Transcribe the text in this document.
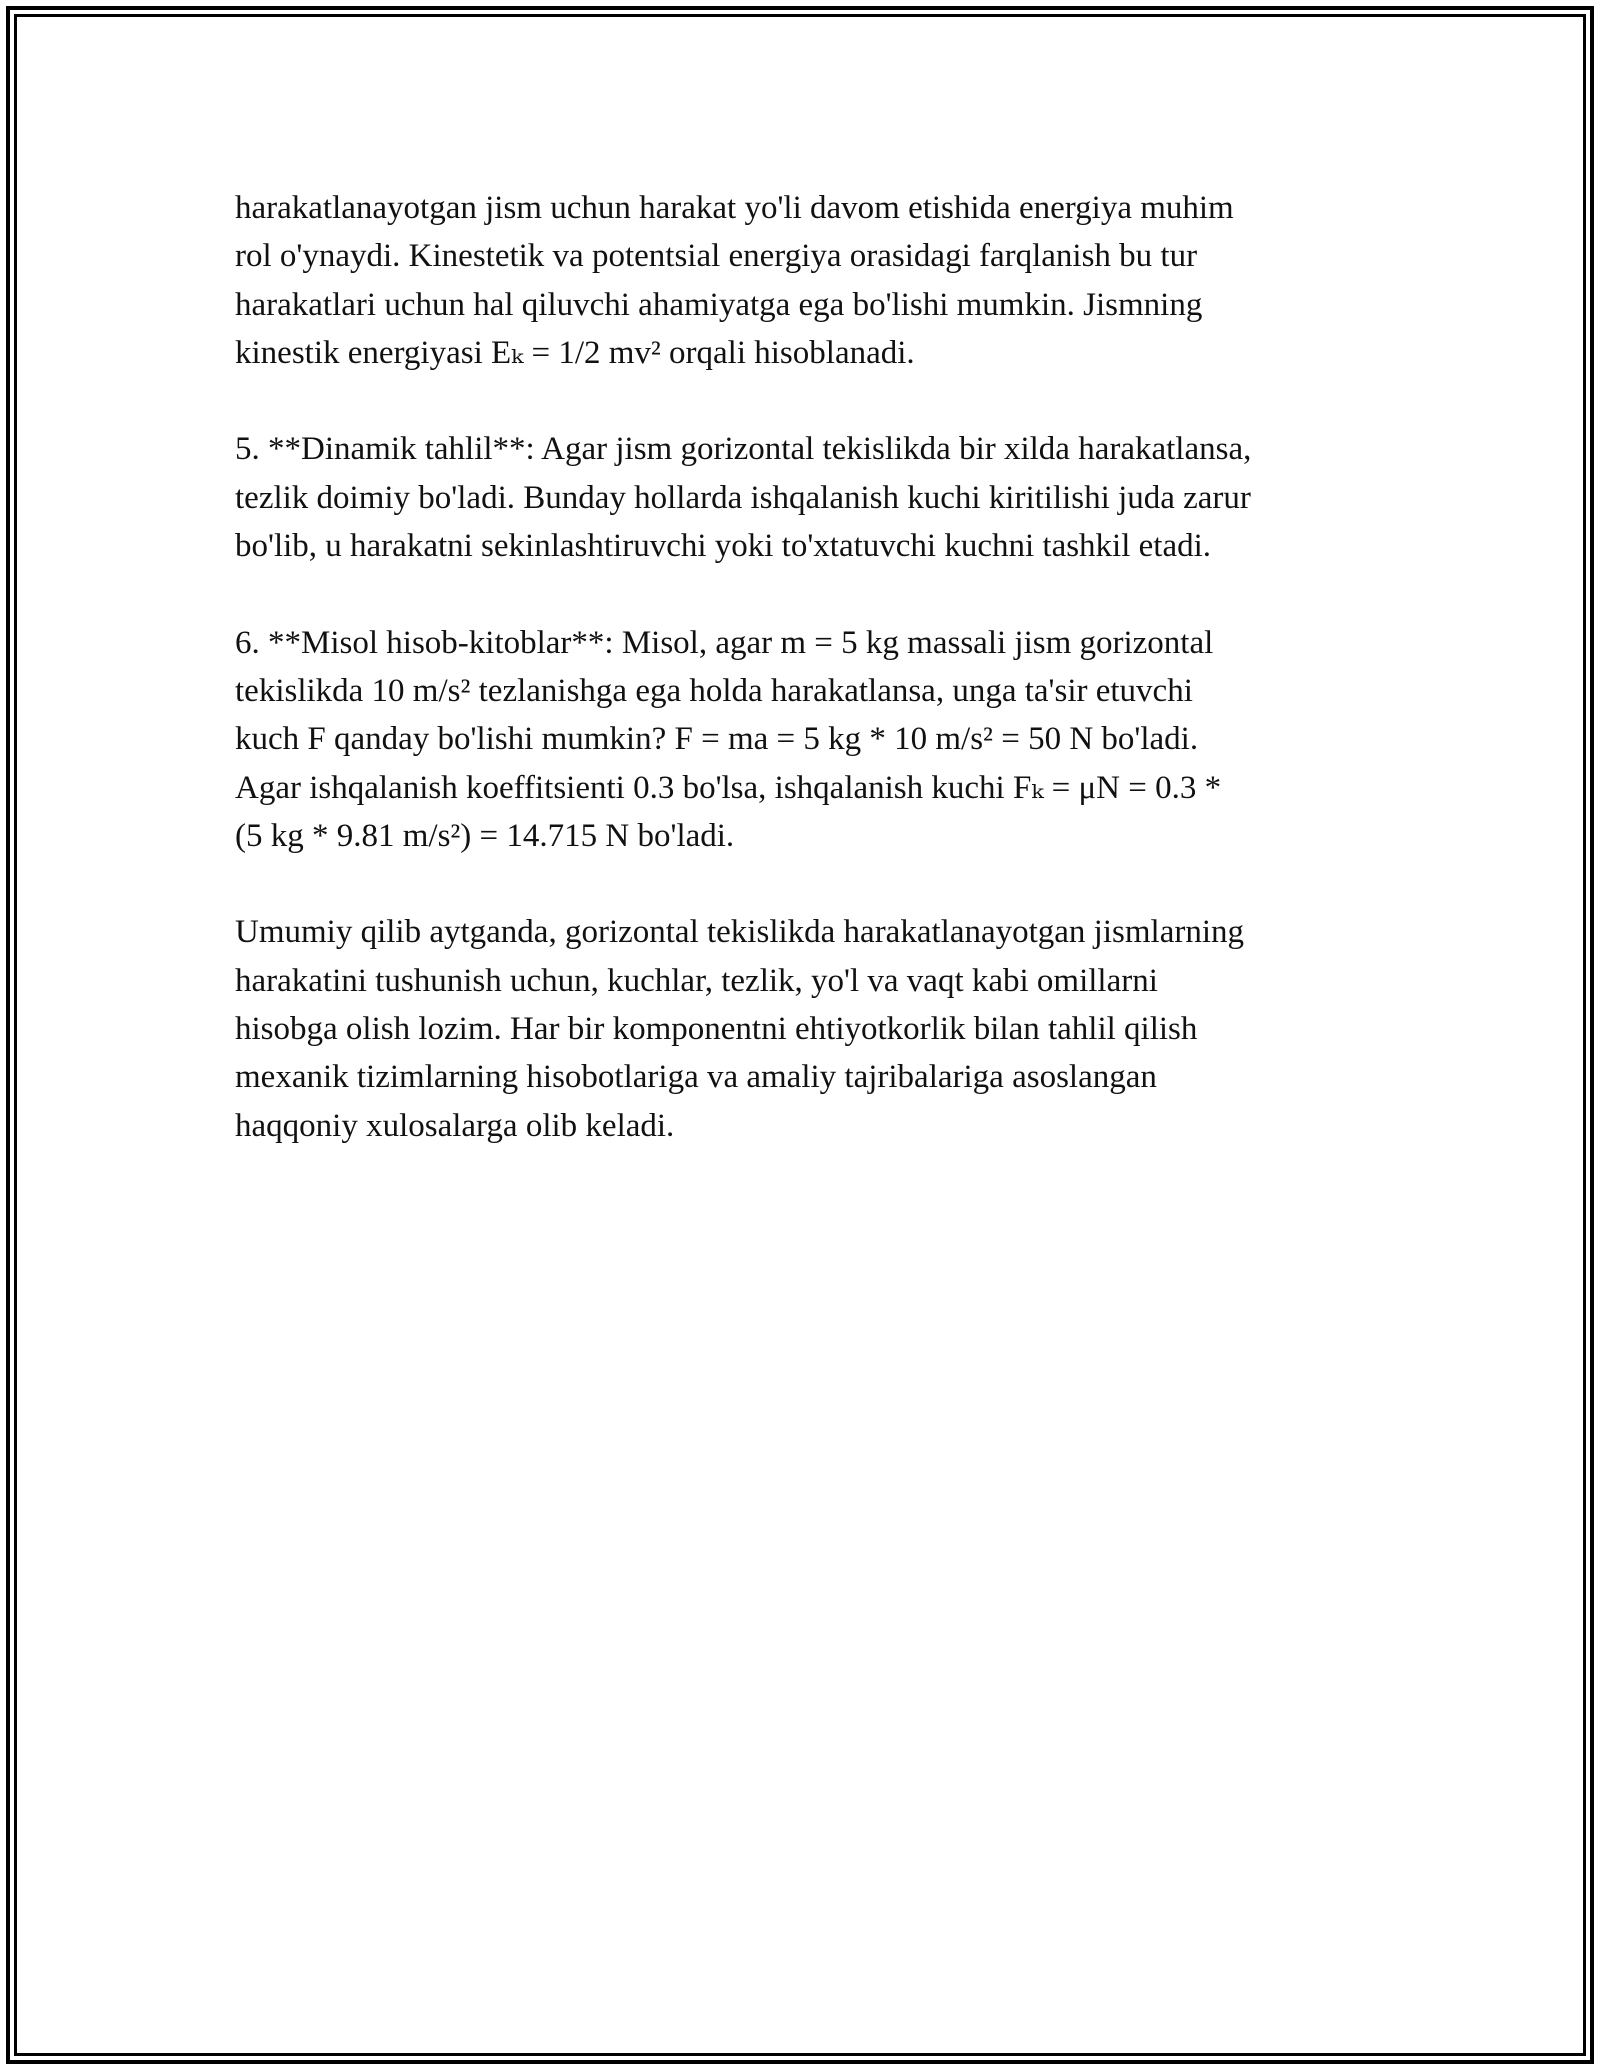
harakatlanayotgan jism uchun harakat yo'li davom etishida energiya muhim
rol o'ynaydi. Kinestetik va potentsial energiya orasidagi farqlanish bu tur
harakatlari uchun hal qiluvchi ahamiyatga ega bo'lishi mumkin. Jismning
kinestik energiyasi Eₖ = 1/2 mv² orqali hisoblanadi.

5. **Dinamik tahlil**: Agar jism gorizontal tekislikda bir xilda harakatlansa,
tezlik doimiy bo'ladi. Bunday hollarda ishqalanish kuchi kiritilishi juda zarur
bo'lib, u harakatni sekinlashtiruvchi yoki to'xtatuvchi kuchni tashkil etadi.

6. **Misol hisob-kitoblar**: Misol, agar m = 5 kg massali jism gorizontal
tekislikda 10 m/s² tezlanishga ega holda harakatlansa, unga ta'sir etuvchi
kuch F qanday bo'lishi mumkin? F = ma = 5 kg * 10 m/s² = 50 N bo'ladi.
Agar ishqalanish koeffitsienti 0.3 bo'lsa, ishqalanish kuchi Fₖ = μN = 0.3 *
(5 kg * 9.81 m/s²) = 14.715 N bo'ladi.

Umumiy qilib aytganda, gorizontal tekislikda harakatlanayotgan jismlarning
harakatini tushunish uchun, kuchlar, tezlik, yo'l va vaqt kabi omillarni
hisobga olish lozim. Har bir komponentni ehtiyotkorlik bilan tahlil qilish
mexanik tizimlarning hisobotlariga va amaliy tajribalariga asoslangan
haqqoniy xulosalarga olib keladi.
